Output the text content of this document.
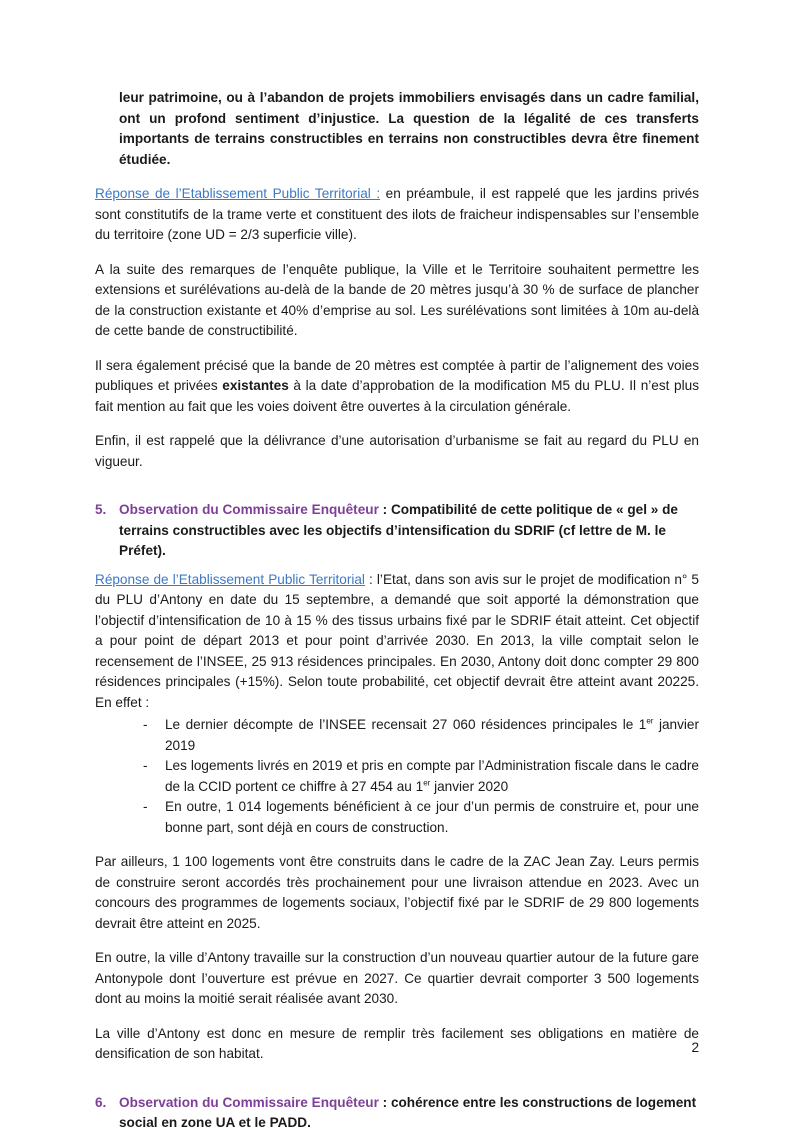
leur patrimoine, ou à l’abandon de projets immobiliers envisagés dans un cadre familial, ont un profond sentiment d’injustice. La question de la légalité de ces transferts importants de terrains constructibles en terrains non constructibles devra être finement étudiée.

Réponse de l’Etablissement Public Territorial : en préambule, il est rappelé que les jardins privés sont constitutifs de la trame verte et constituent des ilots de fraicheur indispensables sur l’ensemble du territoire (zone UD = 2/3 superficie ville).

A la suite des remarques de l’enquête publique, la Ville et le Territoire souhaitent permettre les extensions et surélévations au-delà de la bande de 20 mètres jusqu’à 30 % de surface de plancher de la construction existante et 40% d’emprise au sol. Les surélévations sont limitées à 10m au-delà de cette bande de constructibilité.

Il sera également précisé que la bande de 20 mètres est comptée à partir de l’alignement des voies publiques et privées existantes à la date d’approbation de la modification M5 du PLU. Il n’est plus fait mention au fait que les voies doivent être ouvertes à la circulation générale.

Enfin, il est rappelé que la délivrance d’une autorisation d’urbanisme se fait au regard du PLU en vigueur.

5. Observation du Commissaire Enquêteur : Compatibilité de cette politique de « gel » de terrains constructibles avec les objectifs d’intensification du SDRIF (cf lettre de M. le Préfet).

Réponse de l’Etablissement Public Territorial : l’Etat, dans son avis sur le projet de modification n° 5 du PLU d’Antony en date du 15 septembre, a demandé que soit apporté la démonstration que l’objectif d’intensification de 10 à 15 % des tissus urbains fixé par le SDRIF était atteint. Cet objectif a pour point de départ 2013 et pour point d’arrivée 2030. En 2013, la ville comptait selon le recensement de l’INSEE, 25 913 résidences principales. En 2030, Antony doit donc compter 29 800 résidences principales (+15%). Selon toute probabilité, cet objectif devrait être atteint avant 20225. En effet :

-	Le dernier décompte de l’INSEE recensait 27 060 résidences principales le 1er janvier 2019
-	Les logements livrés en 2019 et pris en compte par l’Administration fiscale dans le cadre de la CCID portent ce chiffre à 27 454 au 1er janvier 2020
-	En outre, 1 014 logements bénéficient à ce jour d’un permis de construire et, pour une bonne part, sont déjà en cours de construction.

Par ailleurs, 1 100 logements vont être construits dans le cadre de la ZAC Jean Zay. Leurs permis de construire seront accordés très prochainement pour une livraison attendue en 2023. Avec un concours des programmes de logements sociaux, l’objectif fixé par le SDRIF de 29 800 logements devrait être atteint en 2025.

En outre, la ville d’Antony travaille sur la construction d’un nouveau quartier autour de la future gare Antonypole dont l’ouverture est prévue en 2027. Ce quartier devrait comporter 3 500 logements dont au moins la moitié serait réalisée avant 2030.

La ville d’Antony est donc en mesure de remplir très facilement ses obligations en matière de densification de son habitat.

6. Observation du Commissaire Enquêteur : cohérence entre les constructions de logement social en zone UA et le PADD.
2
